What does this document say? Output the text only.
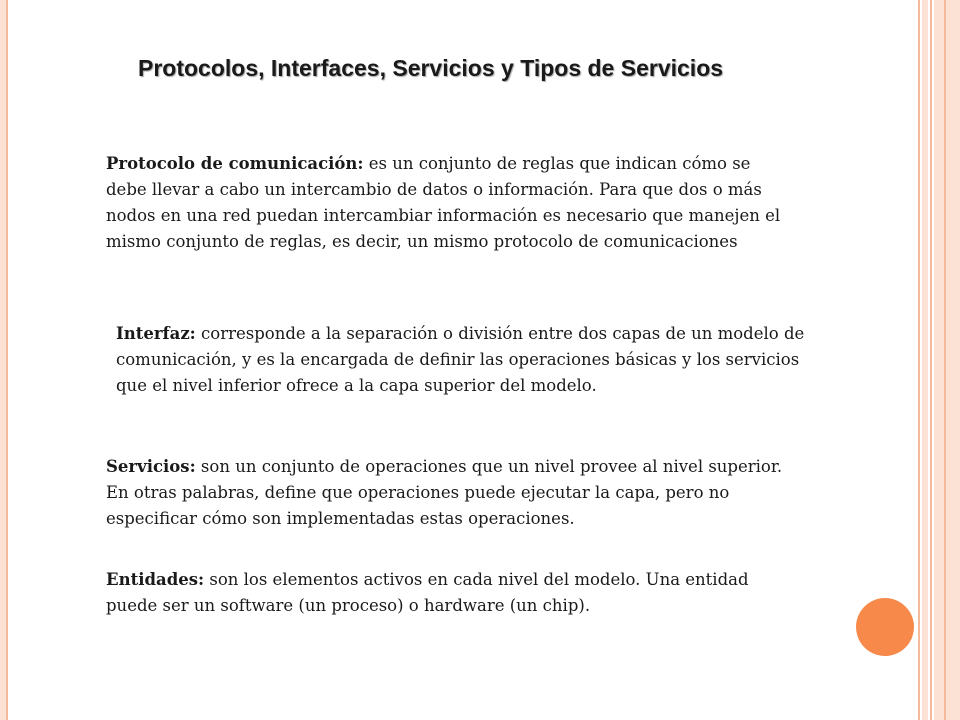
Protocolos, Interfaces, Servicios y Tipos de Servicios

Protocolo de comunicación: es un conjunto de reglas que indican cómo se debe llevar a cabo un intercambio de datos o información. Para que dos o más nodos en una red puedan intercambiar información es necesario que manejen el mismo conjunto de reglas, es decir, un mismo protocolo de comunicaciones

Interfaz: corresponde a la separación o división entre dos capas de un modelo de comunicación, y es la encargada de definir las operaciones básicas y los servicios que el nivel inferior ofrece a la capa superior del modelo.

Servicios: son un conjunto de operaciones que un nivel provee al nivel superior. En otras palabras, define que operaciones puede ejecutar la capa, pero no especificar cómo son implementadas estas operaciones.

Entidades: son los elementos activos en cada nivel del modelo. Una entidad puede ser un software (un proceso) o hardware (un chip).
